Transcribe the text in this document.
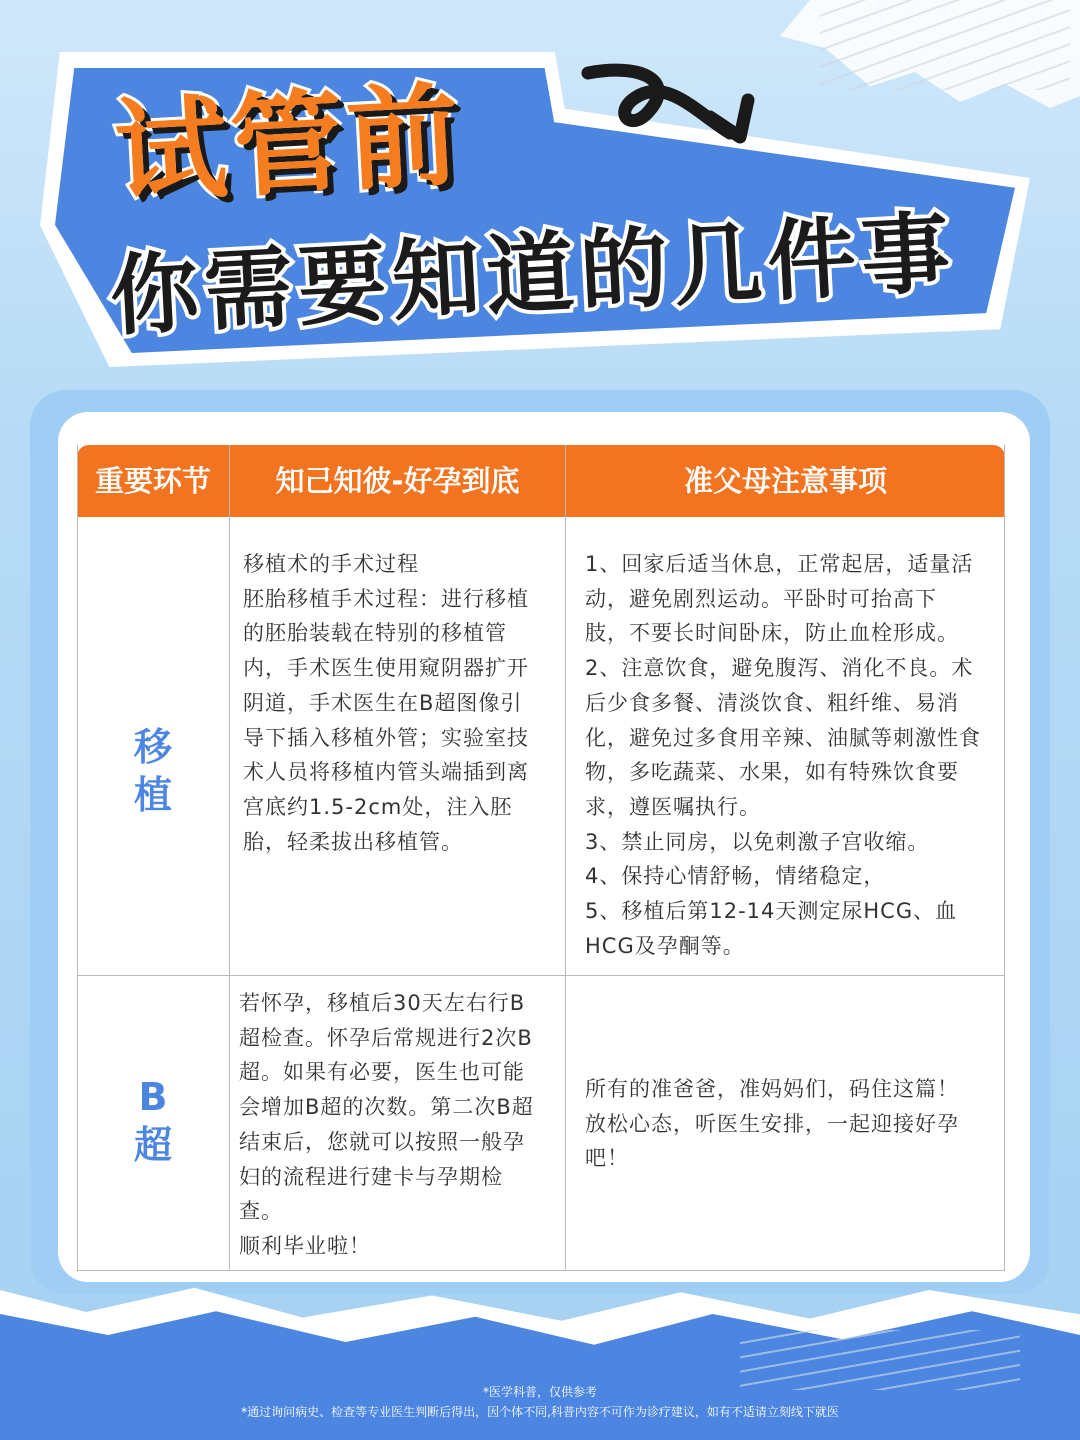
试管前
你需要知道的几件事
重要环节	知己知彼-好孕到底	准父母注意事项
移
植
移植术的手术过程
胚胎移植手术过程：进行移植
的胚胎装载在特别的移植管
内，手术医生使用窥阴器扩开
阴道，手术医生在B超图像引
导下插入移植外管；实验室技
术人员将移植内管头端插到离
宫底约1.5-2cm处，注入胚
胎，轻柔拔出移植管。
1、回家后适当休息，正常起居，适量活
动，避免剧烈运动。平卧时可抬高下
肢，不要长时间卧床，防止血栓形成。
2、注意饮食，避免腹泻、消化不良。术
后少食多餐、清淡饮食、粗纤维、易消
化，避免过多食用辛辣、油腻等刺激性食
物，多吃蔬菜、水果，如有特殊饮食要
求，遵医嘱执行。
3、禁止同房，以免刺激子宫收缩。
4、保持心情舒畅，情绪稳定，
5、移植后第12-14天测定尿HCG、血
HCG及孕酮等。
B
超
若怀孕，移植后30天左右行B
超检查。怀孕后常规进行2次B
超。如果有必要，医生也可能
会增加B超的次数。第二次B超
结束后，您就可以按照一般孕
妇的流程进行建卡与孕期检
查。
顺利毕业啦！
所有的准爸爸，准妈妈们，码住这篇！
放松心态，听医生安排，一起迎接好孕
吧！
*医学科普，仅供参考
*通过询问病史、检查等专业医生判断后得出，因个体不同,科普内容不可作为诊疗建议，如有不适请立刻线下就医
